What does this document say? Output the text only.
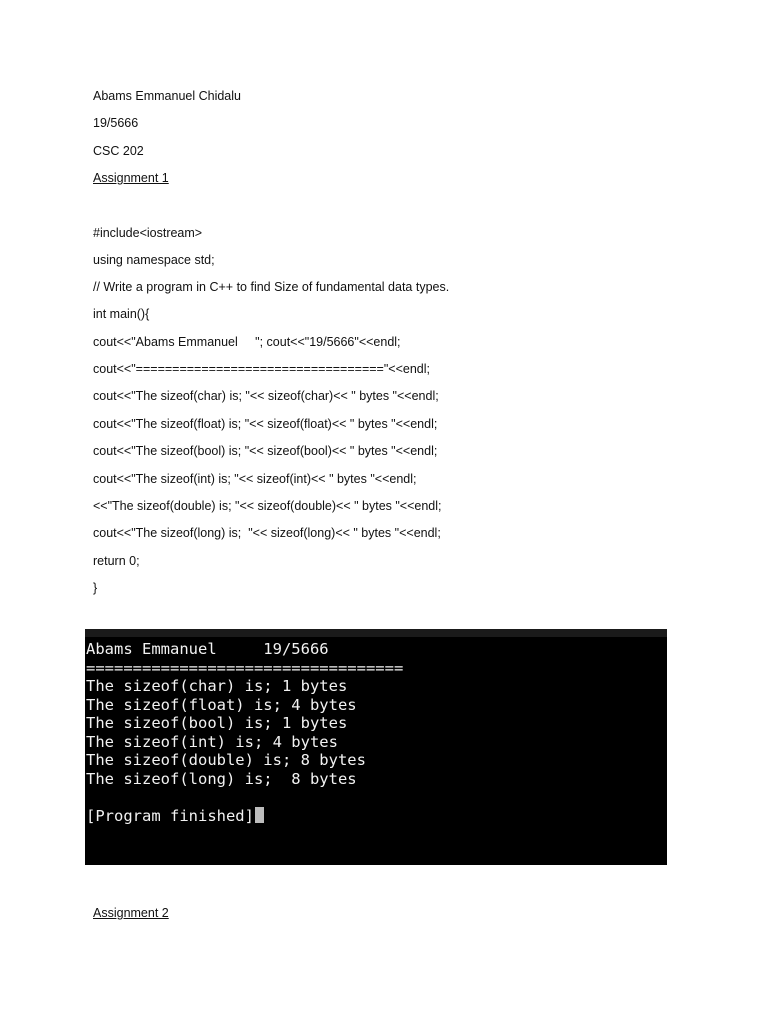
Abams Emmanuel Chidalu

19/5666

CSC 202

Assignment 1

#include<iostream>

using namespace std;

// Write a program in C++ to find Size of fundamental data types.

int main(){

cout<<"Abams Emmanuel     "; cout<<"19/5666"<<endl;

cout<<"=================================="<<endl;

cout<<"The sizeof(char) is; "<< sizeof(char)<< " bytes "<<endl;

cout<<"The sizeof(float) is; "<< sizeof(float)<< " bytes "<<endl;

cout<<"The sizeof(bool) is; "<< sizeof(bool)<< " bytes "<<endl;

cout<<"The sizeof(int) is; "<< sizeof(int)<< " bytes "<<endl;

<<"The sizeof(double) is; "<< sizeof(double)<< " bytes "<<endl;

cout<<"The sizeof(long) is;  "<< sizeof(long)<< " bytes "<<endl;

return 0;

}

Abams Emmanuel     19/5666

==================================

The sizeof(char) is; 1 bytes

The sizeof(float) is; 4 bytes

The sizeof(bool) is; 1 bytes

The sizeof(int) is; 4 bytes

The sizeof(double) is; 8 bytes

The sizeof(long) is;  8 bytes

[Program finished]

Assignment 2
